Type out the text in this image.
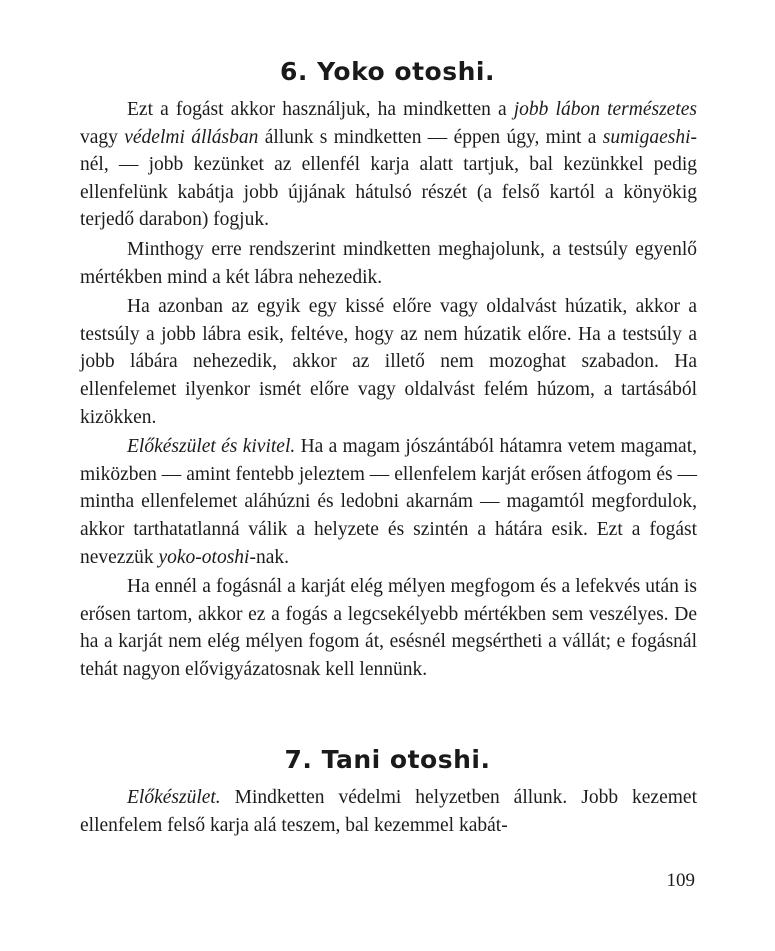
6. Yoko otoshi.

Ezt a fogást akkor használjuk, ha mindketten a jobb lábon természetes vagy védelmi állásban állunk s mindketten — éppen úgy, mint a sumigaeshi-nél, — jobb kezünket az ellenfél karja alatt tartjuk, bal kezünkkel pedig ellenfelünk kabátja jobb újjának hátulsó részét (a felső kartól a könyökig terjedő darabon) fogjuk.

Minthogy erre rendszerint mindketten meghajolunk, a testsúly egyenlő mértékben mind a két lábra nehezedik.

Ha azonban az egyik egy kissé előre vagy oldalvást húzatik, akkor a testsúly a jobb lábra esik, feltéve, hogy az nem húzatik előre. Ha a testsúly a jobb lábára nehezedik, akkor az illető nem mozoghat szabadon. Ha ellenfelemet ilyenkor ismét előre vagy oldalvást felém húzom, a tartásából kizökken.

Előkészület és kivitel. Ha a magam jószántából hátamra vetem magamat, miközben — amint fentebb jeleztem — ellenfelem karját erősen átfogom és — mintha ellenfelemet aláhúzni és ledobni akarnám — magamtól megfordulok, akkor tarthatatlanná válik a helyzete és szintén a hátára esik. Ezt a fogást nevezzük yoko-otoshi-nak.

Ha ennél a fogásnál a karját elég mélyen megfogom és a lefekvés után is erősen tartom, akkor ez a fogás a legcsekélyebb mértékben sem veszélyes. De ha a karját nem elég mélyen fogom át, esésnél megsértheti a vállát; e fogásnál tehát nagyon elővigyázatosnak kell lennünk.

7. Tani otoshi.

Előkészület. Mindketten védelmi helyzetben állunk. Jobb kezemet ellenfelem felső karja alá teszem, bal kezemmel kabát-

109
